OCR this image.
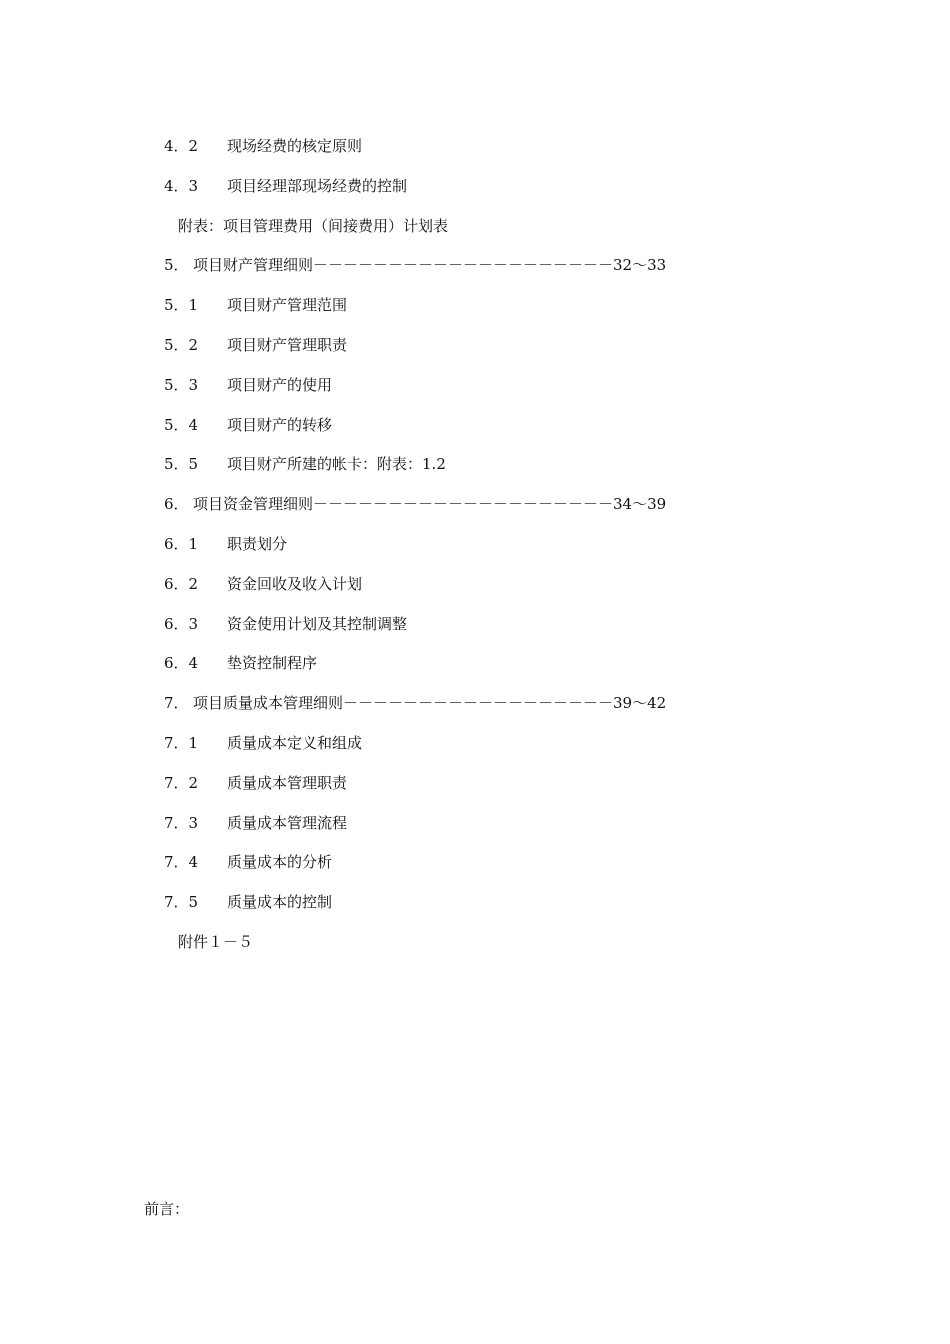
4．2	现场经费的核定原则
4．3	项目经理部现场经费的控制
附表：项目管理费用（间接费用）计划表
5． 项目财产管理细则－－－－－－－－－－－－－－－－－－－－32～33
5．1	项目财产管理范围
5．2	项目财产管理职责
5．3	项目财产的使用
5．4	项目财产的转移
5．5	项目财产所建的帐卡：附表：1.2
6． 项目资金管理细则－－－－－－－－－－－－－－－－－－－－34～39
6．1	职责划分
6．2	资金回收及收入计划
6．3	资金使用计划及其控制调整
6．4	垫资控制程序
7． 项目质量成本管理细则－－－－－－－－－－－－－－－－－－39～42
7．1	质量成本定义和组成
7．2	质量成本管理职责
7．3	质量成本管理流程
7．4	质量成本的分析
7．5	质量成本的控制
附件１－５
前言：
